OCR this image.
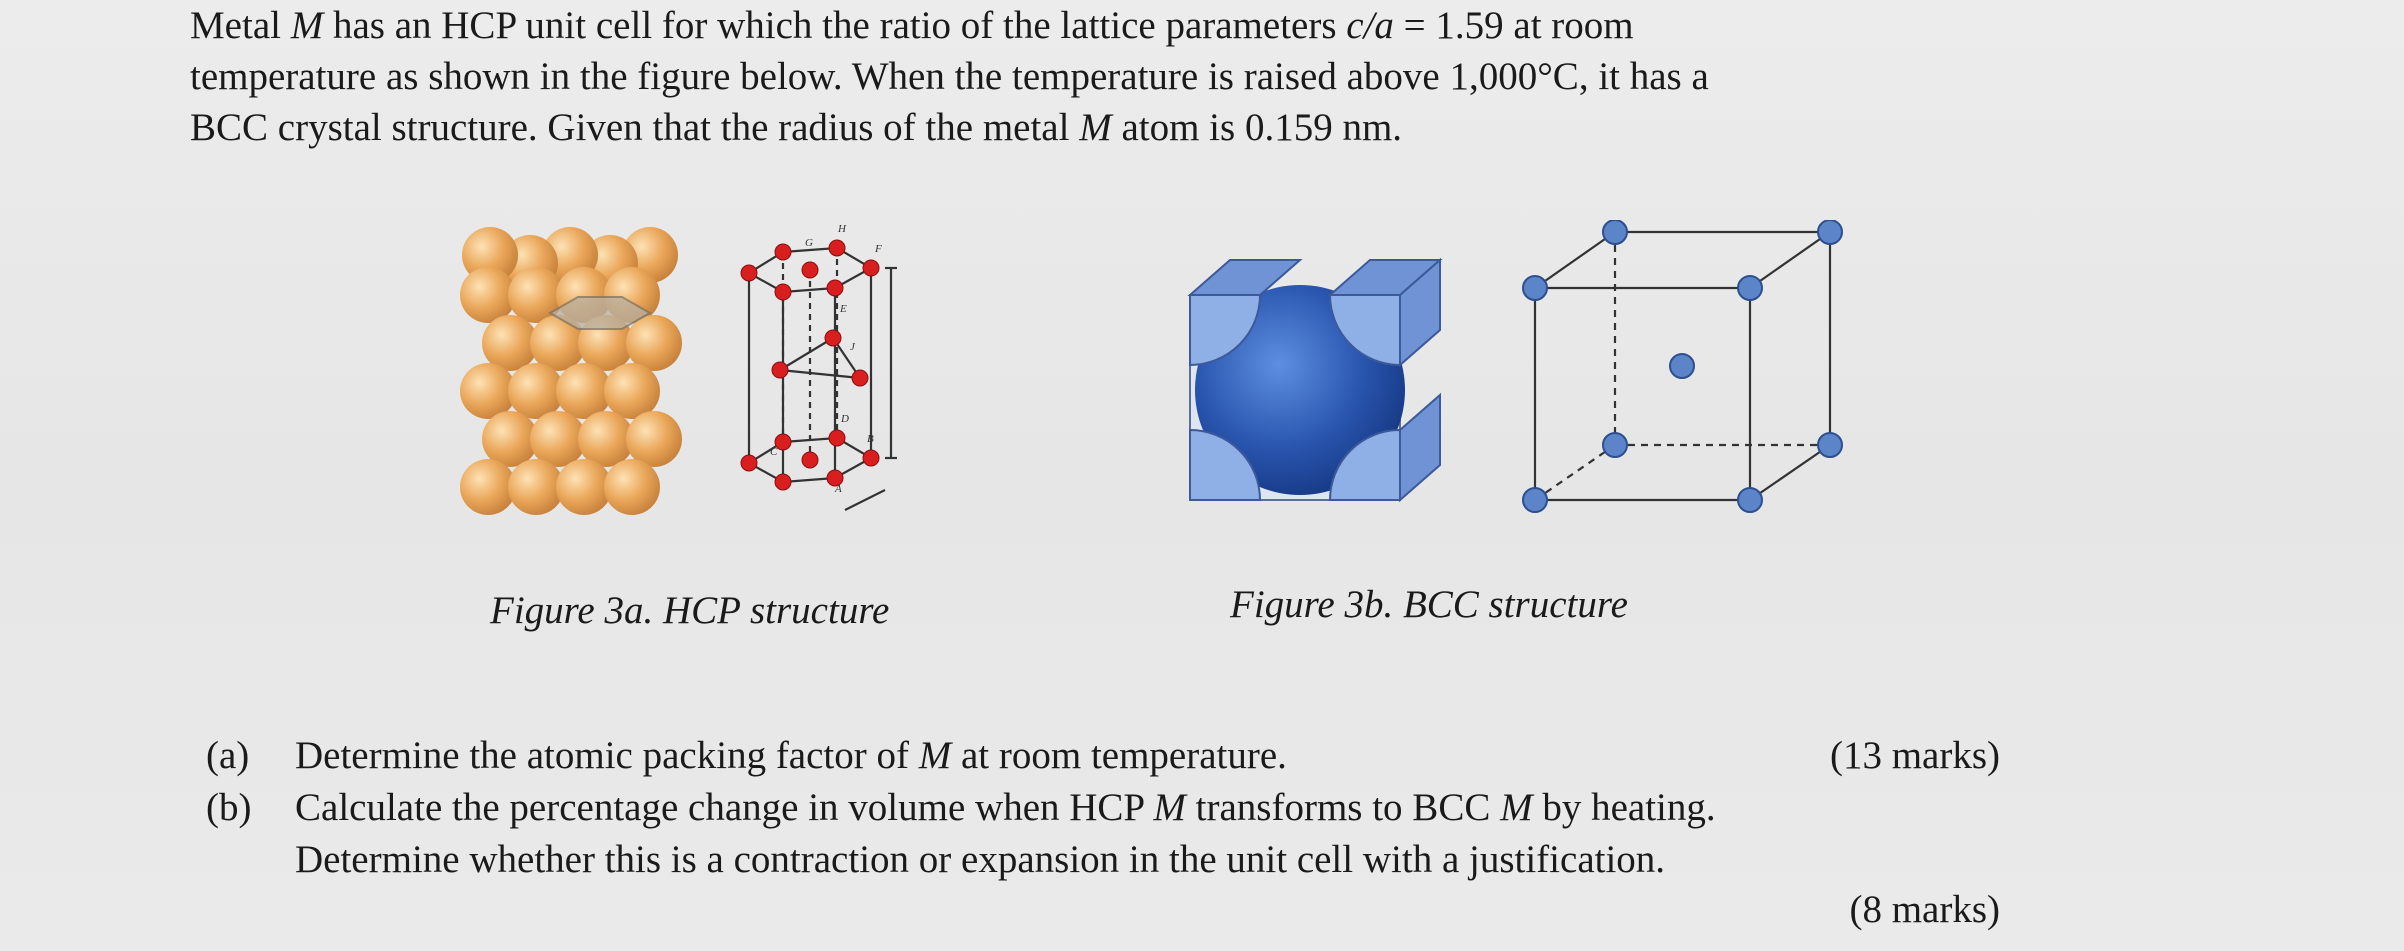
Metal M has an HCP unit cell for which the ratio of the lattice parameters c/a = 1.59 at room

temperature as shown in the figure below. When the temperature is raised above 1,000°C, it has a

BCC crystal structure. Given that the radius of the metal M atom is 0.159 nm.

H
G	F
E
J
D
C
B
A
Figure 3a. HCP structure	Figure 3b. BCC structure
(a) Determine the atomic packing factor of M at room temperature.	(13 marks)
(b) Calculate the percentage change in volume when HCP M transforms to BCC M by heating.
Determine whether this is a contraction or expansion in the unit cell with a justification.
(8 marks)
